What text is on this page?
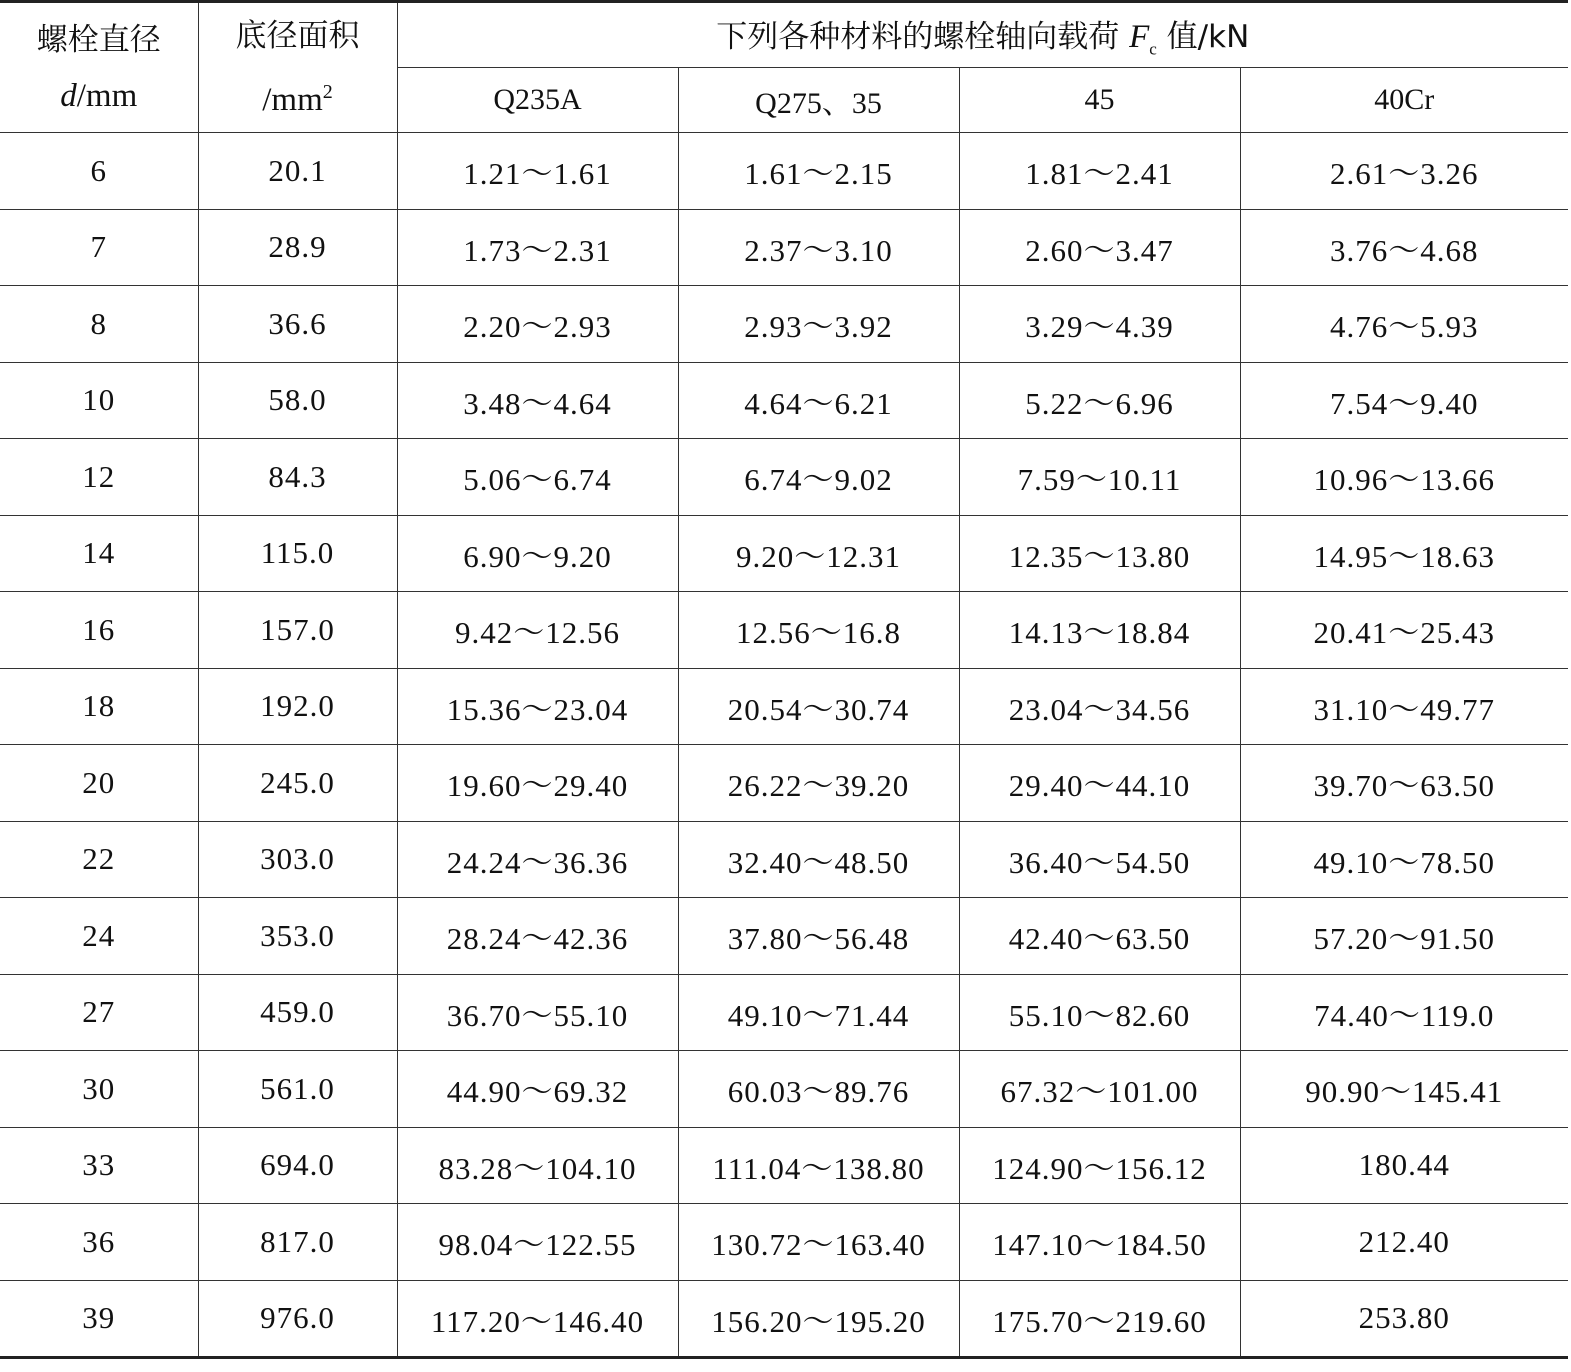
螺栓直径
d/mm	底径面积
$/mm^2$	下列各种材料的螺栓轴向载荷 $F_c$ 值/kN			
		Q235A	Q275、35	45	40Cr
6	20.1	1.21～1.61	1.61～2.15	1.81～2.41	2.61～3.26
7	28.9	1.73～2.31	2.37～3.10	2.60～3.47	3.76～4.68
8	36.6	2.20～2.93	2.93～3.92	3.29～4.39	4.76～5.93
10	58.0	3.48～4.64	4.64～6.21	5.22～6.96	7.54～9.40
12	84.3	5.06～6.74	6.74～9.02	7.59～10.11	10.96～13.66
14	115.0	6.90～9.20	9.20～12.31	12.35～13.80	14.95～18.63
16	157.0	9.42～12.56	12.56～16.8	14.13～18.84	20.41～25.43
18	192.0	15.36～23.04	20.54～30.74	23.04～34.56	31.10～49.77
20	245.0	19.60～29.40	26.22～39.20	29.40～44.10	39.70～63.50
22	303.0	24.24～36.36	32.40～48.50	36.40～54.50	49.10～78.50
24	353.0	28.24～42.36	37.80～56.48	42.40～63.50	57.20～91.50
27	459.0	36.70～55.10	49.10～71.44	55.10～82.60	74.40～119.0
30	561.0	44.90～69.32	60.03～89.76	67.32～101.00	90.90～145.41
33	694.0	83.28～104.10	111.04～138.80	124.90～156.12	180.44
36	817.0	98.04～122.55	130.72～163.40	147.10～184.50	212.40
39	976.0	117.20～146.40	156.20～195.20	175.70～219.60	253.80
